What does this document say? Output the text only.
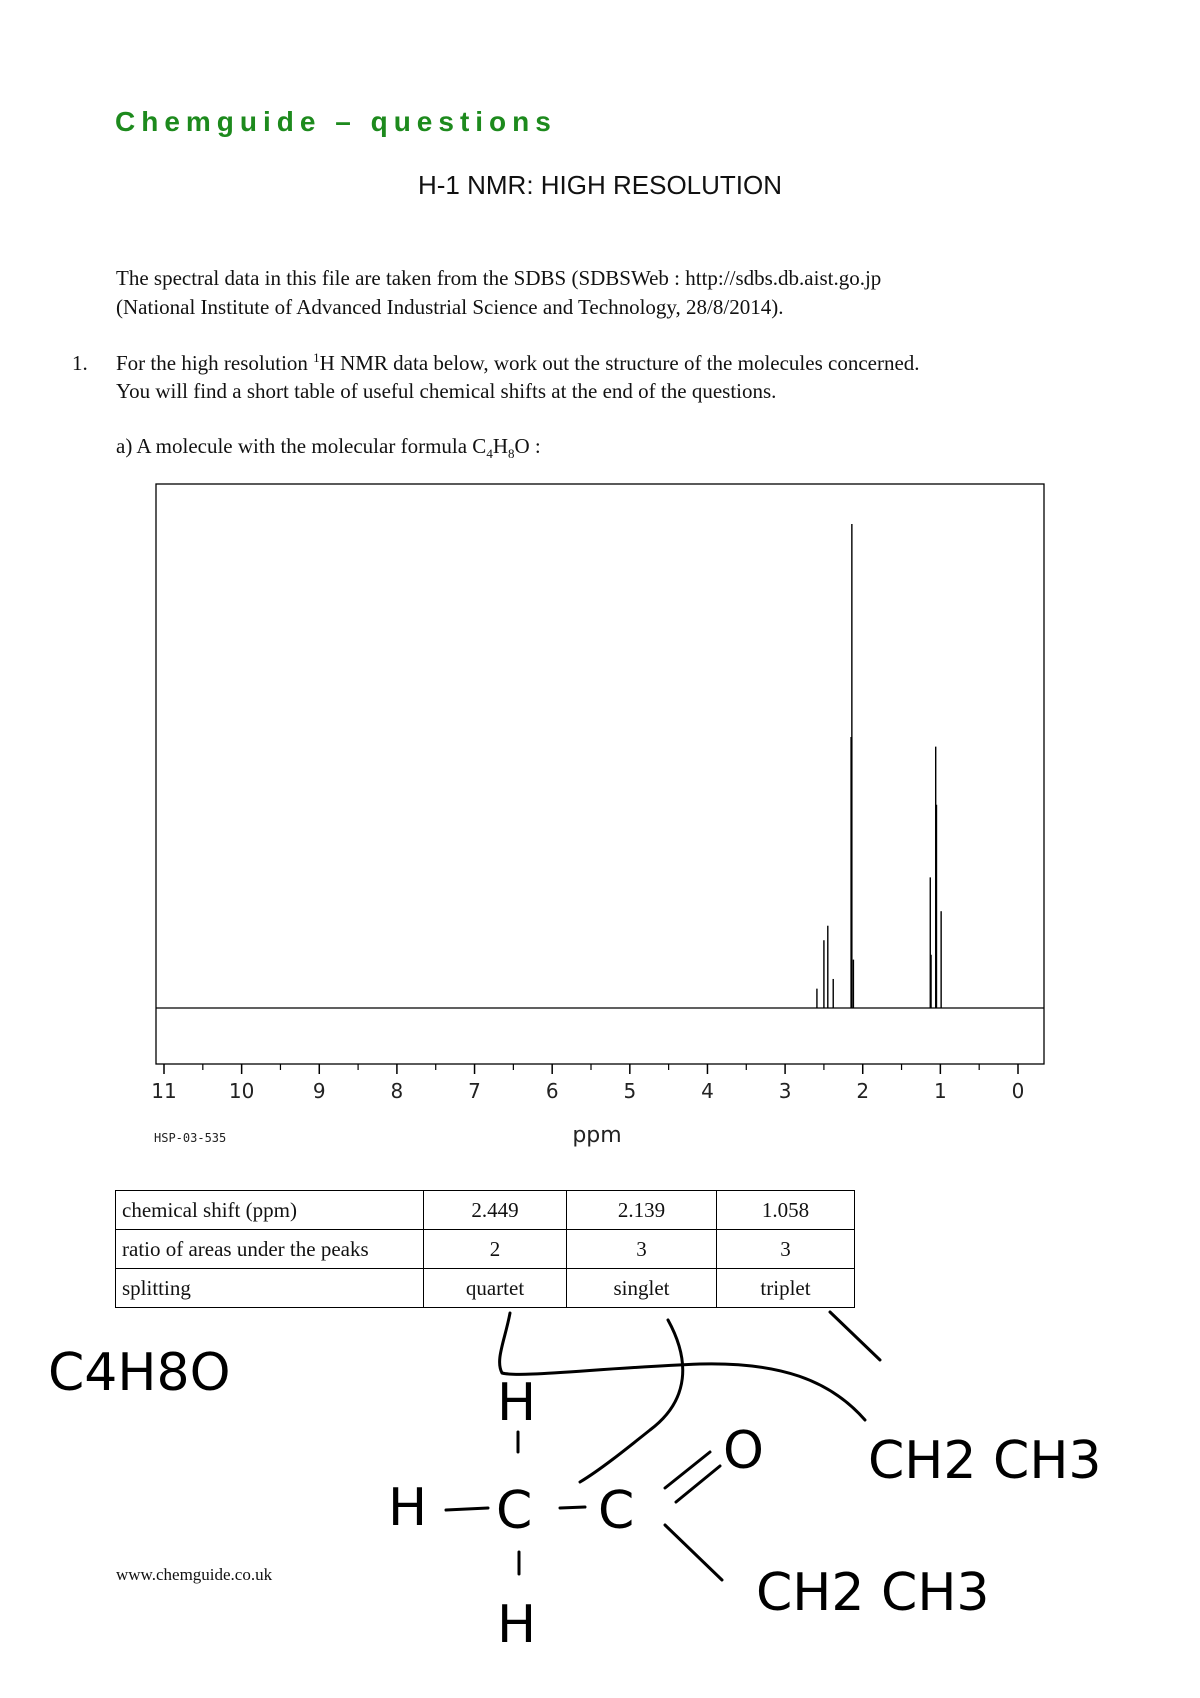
Chemguide – questions
H-1 NMR: HIGH RESOLUTION
The spectral data in this file are taken from the SDBS (SDBSWeb : http://sdbs.db.aist.go.jp
(National Institute of Advanced Industrial Science and Technology, 28/8/2014).
1. For the high resolution $^1$H NMR data below, work out the structure of the molecules concerned.
You will find a short table of useful chemical shifts at the end of the questions.
a) A molecule with the molecular formula $C_4H_8O$ :
11	10	9	8	7	6	5	4	3	2	1	0
ppm
HSP-03-535
chemical shift (ppm)	2.449	2.139	1.058
ratio of areas under the peaks	2	3	3
splitting	quartet	singlet	triplet
www.chemguide.co.uk
C4H8O
CH2 CH3
CH2 CH3
H
H
H
C C
O
